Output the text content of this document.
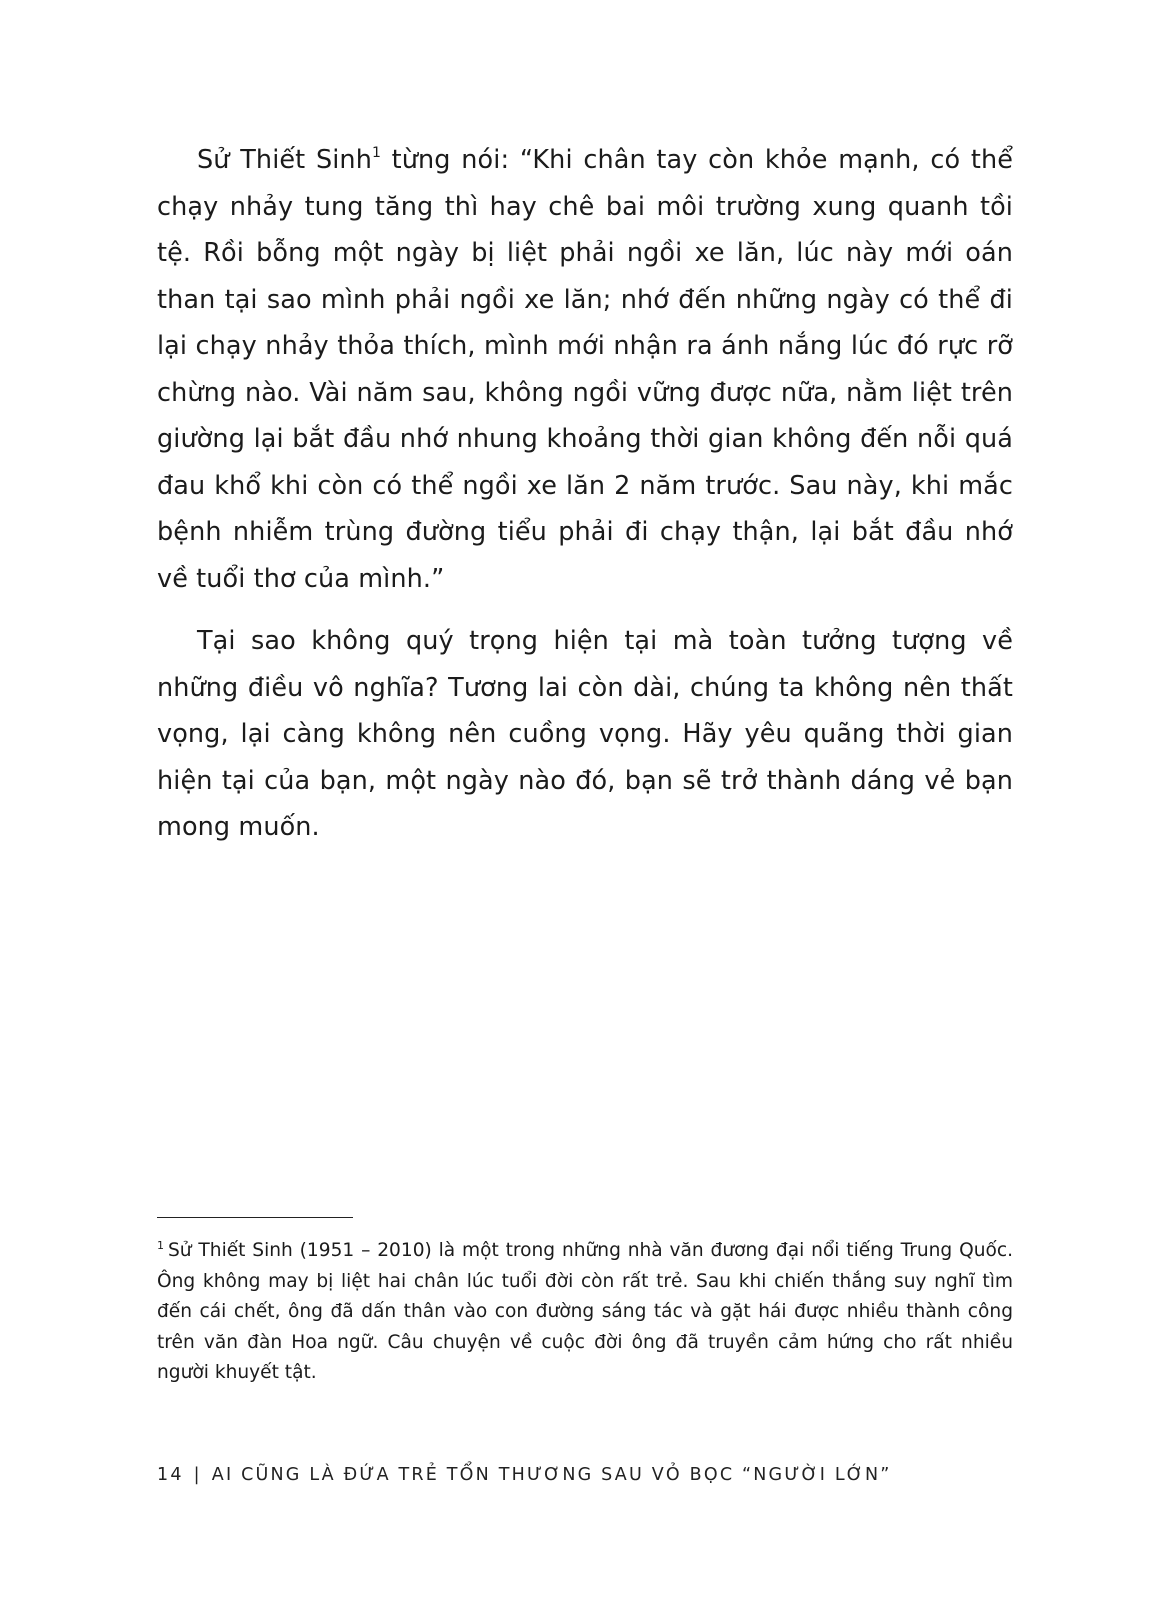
Sử Thiết Sinh$^1$ từng nói: “Khi chân tay còn khỏe mạnh, có thể chạy nhảy tung tăng thì hay chê bai môi trường xung quanh tồi tệ. Rồi bỗng một ngày bị liệt phải ngồi xe lăn, lúc này mới oán than tại sao mình phải ngồi xe lăn; nhớ đến những ngày có thể đi lại chạy nhảy thỏa thích, mình mới nhận ra ánh nắng lúc đó rực rỡ chừng nào. Vài năm sau, không ngồi vững được nữa, nằm liệt trên giường lại bắt đầu nhớ nhung khoảng thời gian không đến nỗi quá đau khổ khi còn có thể ngồi xe lăn 2 năm trước. Sau này, khi mắc bệnh nhiễm trùng đường tiểu phải đi chạy thận, lại bắt đầu nhớ về tuổi thơ của mình.”

Tại sao không quý trọng hiện tại mà toàn tưởng tượng về những điều vô nghĩa? Tương lai còn dài, chúng ta không nên thất vọng, lại càng không nên cuồng vọng. Hãy yêu quãng thời gian hiện tại của bạn, một ngày nào đó, bạn sẽ trở thành dáng vẻ bạn mong muốn.

$^1$ Sử Thiết Sinh (1951 – 2010) là một trong những nhà văn đương đại nổi tiếng Trung Quốc. Ông không may bị liệt hai chân lúc tuổi đời còn rất trẻ. Sau khi chiến thắng suy nghĩ tìm đến cái chết, ông đã dấn thân vào con đường sáng tác và gặt hái được nhiều thành công trên văn đàn Hoa ngữ. Câu chuyện về cuộc đời ông đã truyền cảm hứng cho rất nhiều người khuyết tật.
14 | AI CŨNG LÀ ĐỨA TRẺ TỔN THƯƠNG SAU VỎ BỌC “NGƯỜI LỚN”
